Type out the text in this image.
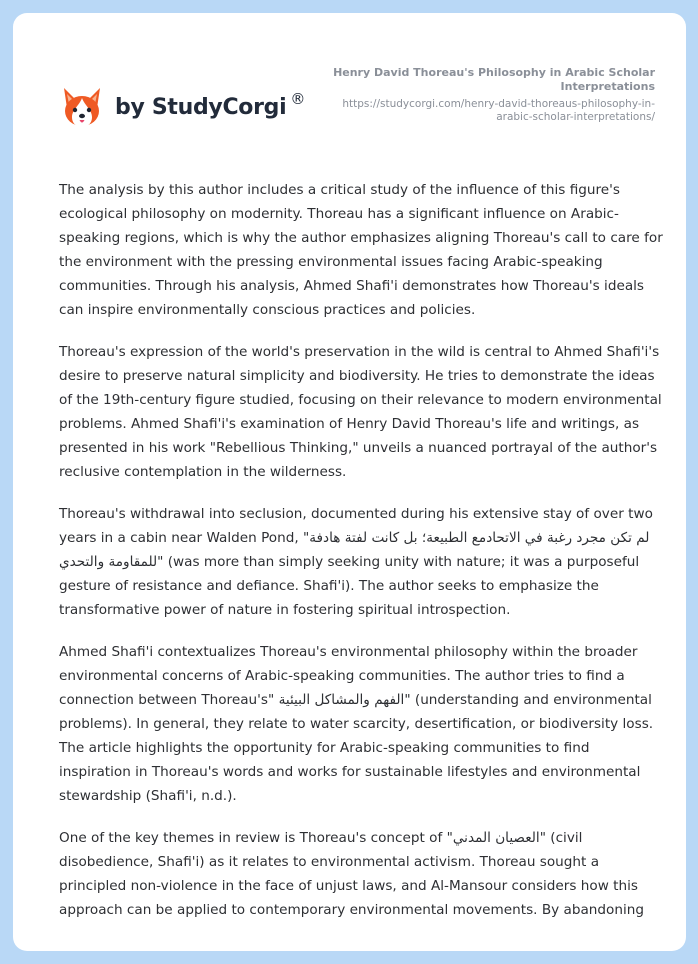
by StudyCorgi ®
Henry David Thoreau's Philosophy in Arabic Scholar Interpretations
https://studycorgi.com/henry-david-thoreaus-philosophy-in-arabic-scholar-interpretations/

The analysis by this author includes a critical study of the influence of this figure's ecological philosophy on modernity. Thoreau has a significant influence on Arabic-speaking regions, which is why the author emphasizes aligning Thoreau's call to care for the environment with the pressing environmental issues facing Arabic-speaking communities. Through his analysis, Ahmed Shafi'i demonstrates how Thoreau's ideals can inspire environmentally conscious practices and policies.

Thoreau's expression of the world's preservation in the wild is central to Ahmed Shafi'i's desire to preserve natural simplicity and biodiversity. He tries to demonstrate the ideas of the 19th-century figure studied, focusing on their relevance to modern environmental problems. Ahmed Shafi'i's examination of Henry David Thoreau's life and writings, as presented in his work "Rebellious Thinking," unveils a nuanced portrayal of the author's reclusive contemplation in the wilderness.

Thoreau's withdrawal into seclusion, documented during his extensive stay of over two years in a cabin near Walden Pond, "لم تكن مجرد رغبة في الاتحادمع الطبيعة؛ بل كانت لفتة هادفة للمقاومة والتحدي" (was more than simply seeking unity with nature; it was a purposeful gesture of resistance and defiance. Shafi'i). The author seeks to emphasize the transformative power of nature in fostering spiritual introspection.

Ahmed Shafi'i contextualizes Thoreau's environmental philosophy within the broader environmental concerns of Arabic-speaking communities. The author tries to find a connection between Thoreau's" الفهم والمشاكل البيئية" (understanding and environmental problems). In general, they relate to water scarcity, desertification, or biodiversity loss. The article highlights the opportunity for Arabic-speaking communities to find inspiration in Thoreau's words and works for sustainable lifestyles and environmental stewardship (Shafi'i, n.d.).

One of the key themes in review is Thoreau's concept of "العصيان المدني" (civil disobedience, Shafi'i) as it relates to environmental activism. Thoreau sought a principled non-violence in the face of unjust laws, and Al-Mansour considers how this approach can be applied to contemporary environmental movements. By abandoning
